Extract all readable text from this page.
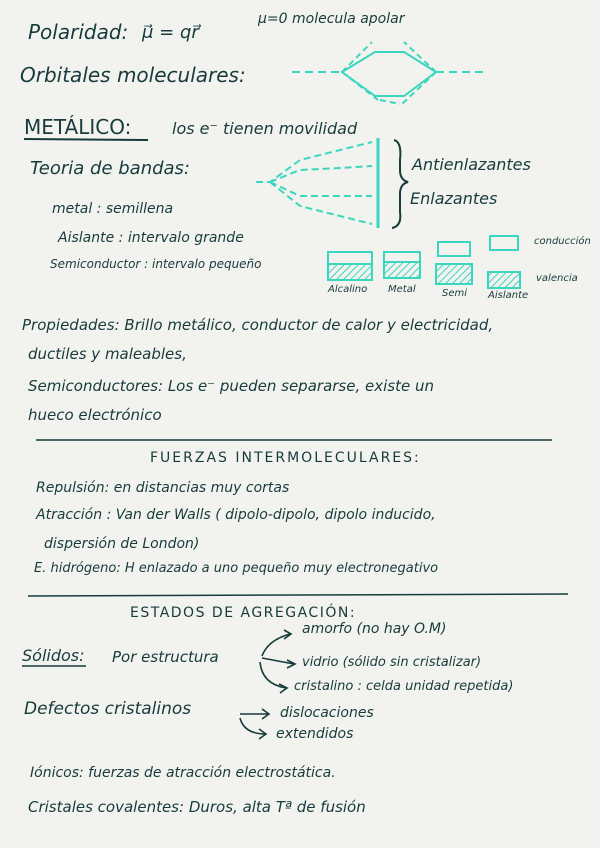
Polaridad: μ⃗ = qr⃗
μ=0 molecula apolar
Orbitales moleculares:
METÁLICO:	los e⁻ tienen movilidad
Teoria de bandas:	Antienlazantes
Enlazantes
metal : semillena
Aislante : intervalo grande
Semiconductor : intervalo pequeño
conducción
valencia
Alcalino Metal	Semi Aislante
Propiedades: Brillo metálico, conductor de calor y electricidad,
ductiles y maleables,
Semiconductores: Los e⁻ pueden separarse, existe un
hueco electrónico
FUERZAS INTERMOLECULARES:
Repulsión: en distancias muy cortas
Atracción : Van der Walls ( dipolo-dipolo, dipolo inducido,
dispersión de London)
E. hidrógeno: H enlazado a uno pequeño muy electronegativo
ESTADOS DE AGREGACIÓN:
Sólidos: Por estructura
amorfo (no hay O.M)
vidrio (sólido sin cristalizar)
cristalino : celda unidad repetida)
Defectos cristalinos	dislocaciones
extendidos
Iónicos: fuerzas de atracción electrostática.
Cristales covalentes: Duros, alta Tª de fusión
